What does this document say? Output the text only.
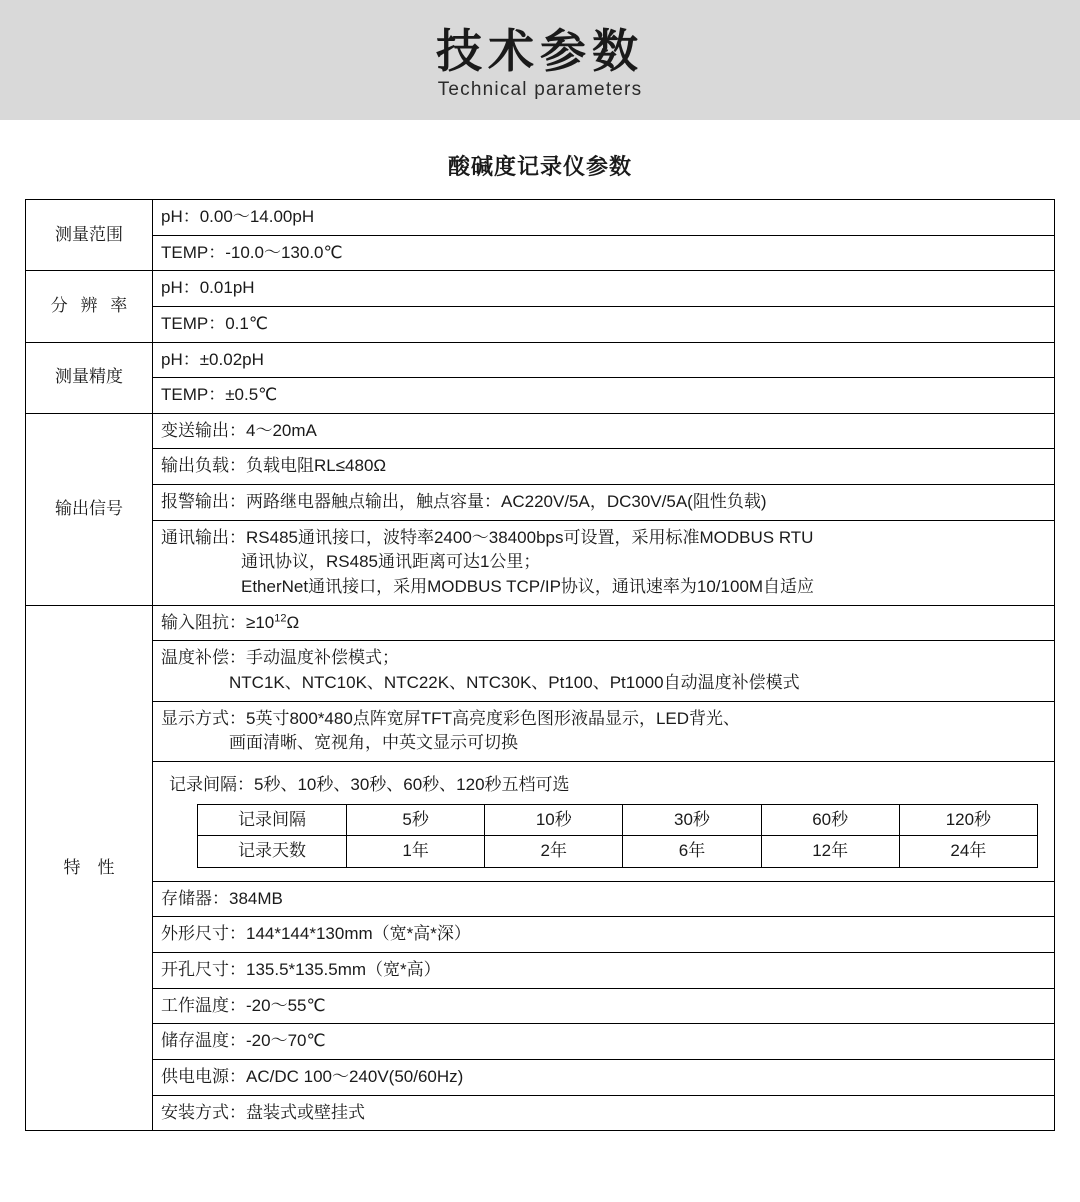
技术参数
Technical parameters
酸碱度记录仪参数
测量范围	pH：0.00～14.00pH
TEMP：-10.0～130.0℃
分 辨 率	pH：0.01pH
TEMP：0.1℃
测量精度	pH：±0.02pH
TEMP：±0.5℃
输出信号	变送输出：4～20mA
输出负载：负载电阻RL≤480Ω
报警输出：两路继电器触点输出，触点容量：AC220V/5A，DC30V/5A(阻性负载)

通讯输出：RS485通讯接口，波特率2400～38400bps可设置，采用标准MODBUS RTU
通讯协议，RS485通讯距离可达1公里；
EtherNet通讯接口，采用MODBUS TCP/IP协议，通讯速率为10/100M自适应

特　性	输入阻抗：$\ge 10^{12}\Omega$

温度补偿：手动温度补偿模式；
NTC1K、NTC10K、NTC22K、NTC30K、Pt100、Pt1000自动温度补偿模式

显示方式：5英寸800*480点阵宽屏TFT高亮度彩色图形液晶显示，LED背光、
画面清晰、宽视角，中英文显示可切换

记录间隔：5秒、10秒、30秒、60秒、120秒五档可选
记录间隔	5秒	10秒	30秒	60秒	120秒
记录天数	1年	2年	6年	12年	24年

存储器：384MB
外形尺寸：144*144*130mm（宽*高*深）
开孔尺寸：135.5*135.5mm（宽*高）
工作温度：-20～55℃
储存温度：-20～70℃
供电电源：AC/DC 100～240V(50/60Hz)
安装方式：盘装式或壁挂式
